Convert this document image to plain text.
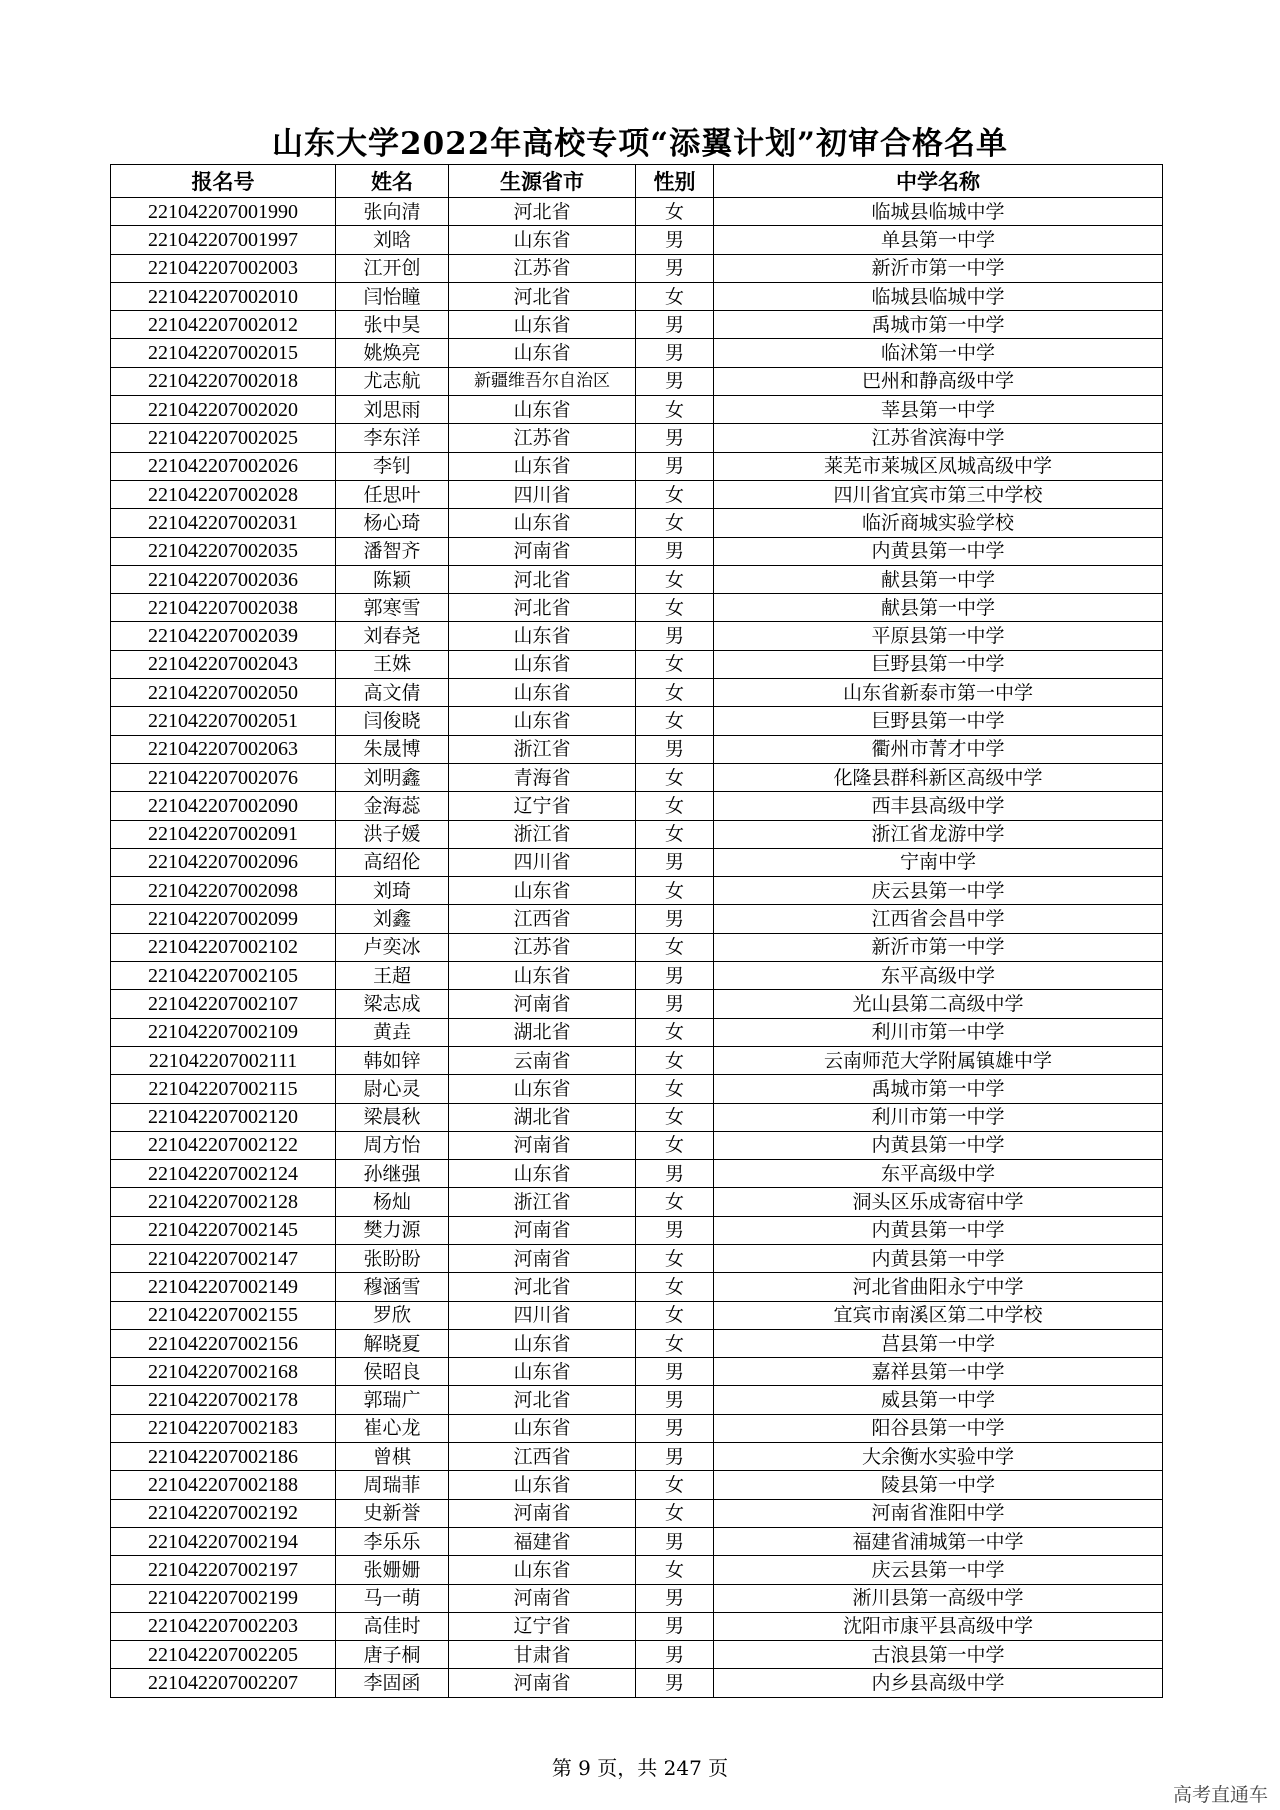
山东大学2022年高校专项“添翼计划”初审合格名单
报名号	姓名	生源省市	性别	中学名称
221042207001990	张向清	河北省	女	临城县临城中学
221042207001997	刘晗	山东省	男	单县第一中学
221042207002003	江开创	江苏省	男	新沂市第一中学
221042207002010	闫怡瞳	河北省	女	临城县临城中学
221042207002012	张中昊	山东省	男	禹城市第一中学
221042207002015	姚焕亮	山东省	男	临沭第一中学
221042207002018	尤志航	新疆维吾尔自治区	男	巴州和静高级中学
221042207002020	刘思雨	山东省	女	莘县第一中学
221042207002025	李东洋	江苏省	男	江苏省滨海中学
221042207002026	李钊	山东省	男	莱芜市莱城区凤城高级中学
221042207002028	任思叶	四川省	女	四川省宜宾市第三中学校
221042207002031	杨心琦	山东省	女	临沂商城实验学校
221042207002035	潘智齐	河南省	男	内黄县第一中学
221042207002036	陈颖	河北省	女	献县第一中学
221042207002038	郭寒雪	河北省	女	献县第一中学
221042207002039	刘春尧	山东省	男	平原县第一中学
221042207002043	王姝	山东省	女	巨野县第一中学
221042207002050	高文倩	山东省	女	山东省新泰市第一中学
221042207002051	闫俊晓	山东省	女	巨野县第一中学
221042207002063	朱晟博	浙江省	男	衢州市菁才中学
221042207002076	刘明鑫	青海省	女	化隆县群科新区高级中学
221042207002090	金海蕊	辽宁省	女	西丰县高级中学
221042207002091	洪子媛	浙江省	女	浙江省龙游中学
221042207002096	高绍伦	四川省	男	宁南中学
221042207002098	刘琦	山东省	女	庆云县第一中学
221042207002099	刘鑫	江西省	男	江西省会昌中学
221042207002102	卢奕冰	江苏省	女	新沂市第一中学
221042207002105	王超	山东省	男	东平高级中学
221042207002107	梁志成	河南省	男	光山县第二高级中学
221042207002109	黄垚	湖北省	女	利川市第一中学
221042207002111	韩如锌	云南省	女	云南师范大学附属镇雄中学
221042207002115	尉心灵	山东省	女	禹城市第一中学
221042207002120	梁晨秋	湖北省	女	利川市第一中学
221042207002122	周方怡	河南省	女	内黄县第一中学
221042207002124	孙继强	山东省	男	东平高级中学
221042207002128	杨灿	浙江省	女	洞头区乐成寄宿中学
221042207002145	樊力源	河南省	男	内黄县第一中学
221042207002147	张盼盼	河南省	女	内黄县第一中学
221042207002149	穆涵雪	河北省	女	河北省曲阳永宁中学
221042207002155	罗欣	四川省	女	宜宾市南溪区第二中学校
221042207002156	解晓夏	山东省	女	莒县第一中学
221042207002168	侯昭良	山东省	男	嘉祥县第一中学
221042207002178	郭瑞广	河北省	男	威县第一中学
221042207002183	崔心龙	山东省	男	阳谷县第一中学
221042207002186	曾棋	江西省	男	大余衡水实验中学
221042207002188	周瑞菲	山东省	女	陵县第一中学
221042207002192	史新誉	河南省	女	河南省淮阳中学
221042207002194	李乐乐	福建省	男	福建省浦城第一中学
221042207002197	张姗姗	山东省	女	庆云县第一中学
221042207002199	马一萌	河南省	男	淅川县第一高级中学
221042207002203	高佳时	辽宁省	男	沈阳市康平县高级中学
221042207002205	唐子桐	甘肃省	男	古浪县第一中学
221042207002207	李固函	河南省	男	内乡县高级中学
第 9 页，共 247 页
高考直通车
